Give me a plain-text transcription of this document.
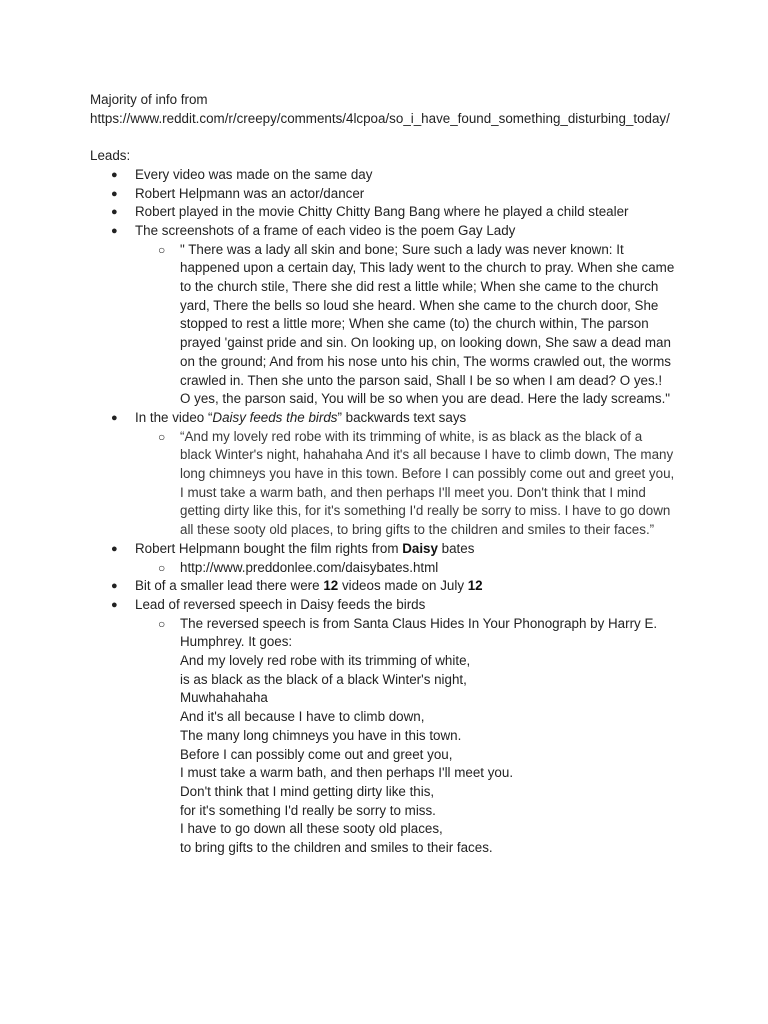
Majority of info from

https://www.reddit.com/r/creepy/comments/4lcpoa/so_i_have_found_something_disturbing_today/

Leads:

● Every video was made on the same day
● Robert Helpmann was an actor/dancer
● Robert played in the movie Chitty Chitty Bang Bang where he played a child stealer
● The screenshots of a frame of each video is the poem Gay Lady
○ " There was a lady all skin and bone; Sure such a lady was never known: It happened upon a certain day, This lady went to the church to pray. When she came to the church stile, There she did rest a little while; When she came to the church yard, There the bells so loud she heard. When she came to the church door, She stopped to rest a little more; When she came (to) the church within, The parson prayed 'gainst pride and sin. On looking up, on looking down, She saw a dead man on the ground; And from his nose unto his chin, The worms crawled out, the worms crawled in. Then she unto the parson said, Shall I be so when I am dead? O yes.! O yes, the parson said, You will be so when you are dead. Here the lady screams."
● In the video “Daisy feeds the birds” backwards text says
○ “And my lovely red robe with its trimming of white, is as black as the black of a black Winter's night, hahahaha And it's all because I have to climb down, The many long chimneys you have in this town. Before I can possibly come out and greet you, I must take a warm bath, and then perhaps I'll meet you. Don't think that I mind getting dirty like this, for it's something I'd really be sorry to miss. I have to go down all these sooty old places, to bring gifts to the children and smiles to their faces.”
● Robert Helpmann bought the film rights from Daisy bates
○ http://www.preddonlee.com/daisybates.html
● Bit of a smaller lead there were 12 videos made on July 12
● Lead of reversed speech in Daisy feeds the birds
○ The reversed speech is from Santa Claus Hides In Your Phonograph by Harry E. Humphrey. It goes:
And my lovely red robe with its trimming of white,
is as black as the black of a black Winter's night,
Muwhahahaha
And it's all because I have to climb down,
The many long chimneys you have in this town.
Before I can possibly come out and greet you,
I must take a warm bath, and then perhaps I'll meet you.
Don't think that I mind getting dirty like this,
for it's something I'd really be sorry to miss.
I have to go down all these sooty old places,
to bring gifts to the children and smiles to their faces.
